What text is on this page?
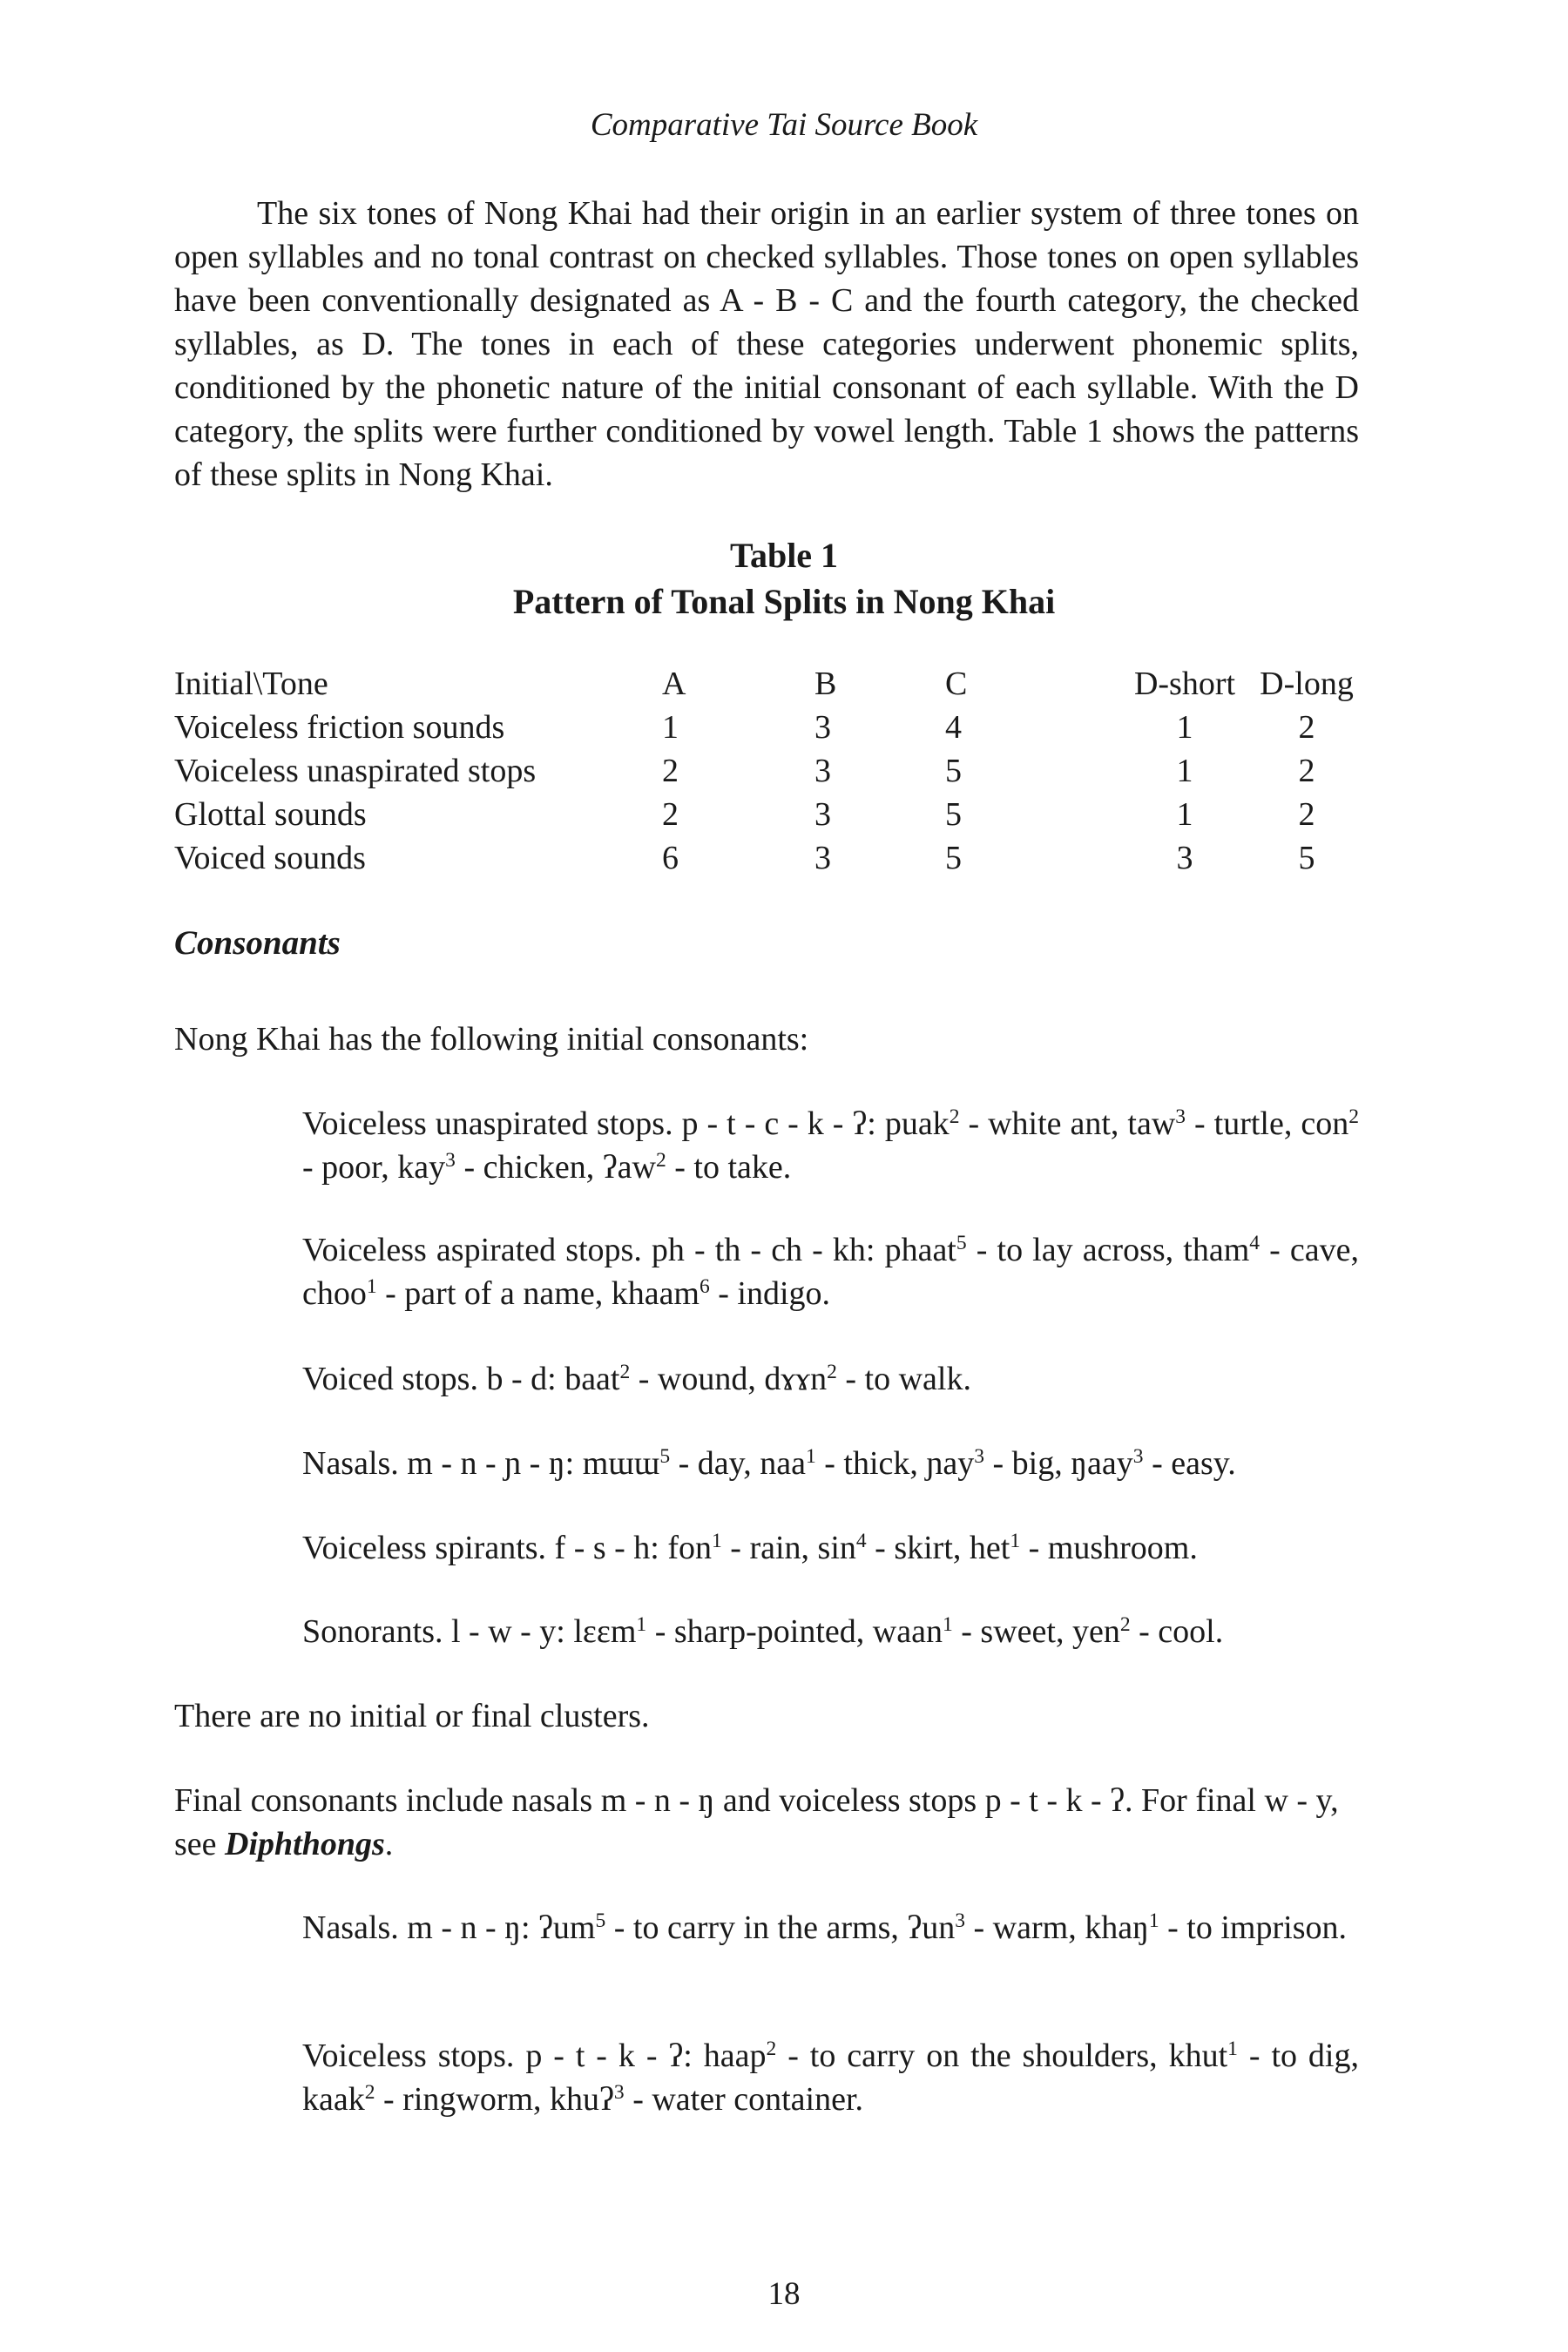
Comparative Tai Source Book

The six tones of Nong Khai had their origin in an earlier system of three tones on open syllables and no tonal contrast on checked syllables. Those tones on open syllables have been conventionally designated as A - B - C and the fourth category, the checked syllables, as D. The tones in each of these categories underwent phonemic splits, conditioned by the phonetic nature of the initial consonant of each syllable. With the D category, the splits were further conditioned by vowel length. Table 1 shows the patterns of these splits in Nong Khai.

Table 1
Pattern of Tonal Splits in Nong Khai
Initial\Tone	A	B	C	D-short	D-long
Voiceless friction sounds	1	3	4	1	2
Voiceless unaspirated stops	2	3	5	1	2
Glottal sounds	2	3	5	1	2
Voiced sounds	6	3	5	3	5
Consonants
Nong Khai has the following initial consonants:
Voiceless unaspirated stops. p - t - c - k - ʔ: puak$^2$ - white ant, taw$^3$ - turtle, con$^2$ - poor, kay$^3$ - chicken, ʔaw$^2$ - to take.
Voiceless aspirated stops. ph - th - ch - kh: phaat$^5$ - to lay across, tham$^4$ - cave, choo$^1$ - part of a name, khaam$^6$ - indigo.
Voiced stops. b - d: baat$^2$ - wound, dɤɤn$^2$ - to walk.
Nasals. m - n - ɲ - ŋ: mɯɯ$^5$ - day, naa$^1$ - thick, ɲay$^3$ - big, ŋaay$^3$ - easy.
Voiceless spirants. f - s - h: fon$^1$ - rain, $\sin^4$ - skirt, het$^1$ - mushroom.
Sonorants. l - w - y: lɛɛm$^1$ - sharp-pointed, waan$^1$ - sweet, yen$^2$ - cool.
There are no initial or final clusters.
Final consonants include nasals m - n - ŋ and voiceless stops p - t - k - ʔ. For final w - y, see Diphthongs.
Nasals. m - n - ŋ: ʔum$^5$ - to carry in the arms, ʔun$^3$ - warm, khaŋ$^1$ - to imprison.
Voiceless stops. p - t - k - ʔ: haap$^2$ - to carry on the shoulders, khut$^1$ - to dig, kaak$^2$ - ringworm, khuʔ$^3$ - water container.
18
